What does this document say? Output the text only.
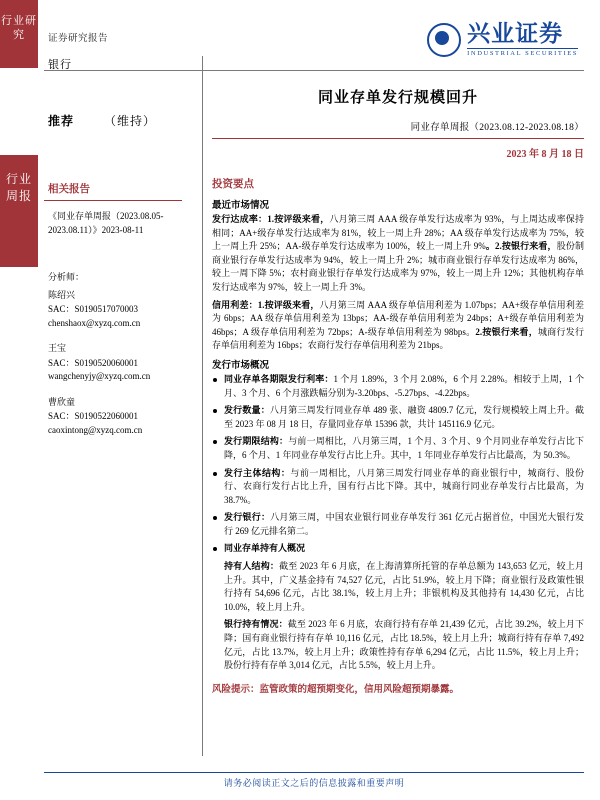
行业研究
行业周报
证券研究报告	兴业证券
INDUSTRIAL SECURITIES
银行
推荐	（维持）
相关报告
《同业存单周报（2023.08.05-2023.08.11）》2023-08-11
分析师：
陈绍兴
SAC：S0190517070003
chenshaox@xyzq.com.cn
王宝
SAC：S0190520060001
wangchenyjy@xyzq.com.cn
曹欣童
SAC：S0190522060001
caoxintong@xyzq.com.cn
同业存单发行规模回升
同业存单周报（2023.08.12-2023.08.18）
2023 年 8 月 18 日
投资要点
最近市场情况

发行达成率：1.按评级来看，八月第三周 AAA 级存单发行达成率为 93%，与上周达成率保持相同；AA+级存单发行达成率为 81%，较上一周上升 28%；AA 级存单发行达成率为 75%，较上一周上升 25%；AA-级存单发行达成率为 100%，较上一周上升 9%。2.按银行来看，股份制商业银行存单发行达成率为 94%，较上一周上升 2%；城市商业银行存单发行达成率为 86%，较上一周下降 5%；农村商业银行存单发行达成率为 97%，较上一周上升 12%；其他机构存单发行达成率为 97%，较上一周上升 3%。

信用利差：1.按评级来看，八月第三周 AAA 级存单信用利差为 1.07bps；AA+级存单信用利差为 6bps；AA 级存单信用利差为 13bps；AA-级存单信用利差为 24bps；A+级存单信用利差为 46bps；A 级存单信用利差为 72bps；A-级存单信用利差为 98bps。2.按银行来看，城商行发行存单信用利差为 16bps；农商行发行存单信用利差为 21bps。

发行市场概况
同业存单各期限发行利率：1 个月 1.89%，3 个月 2.08%，6 个月 2.28%。相较于上周，1 个月、3 个月、6 个月涨跌幅分别为-3.20bps、-5.27bps、-4.22bps。
发行数量：八月第三周发行同业存单 489 张、融资 4809.7 亿元，发行规模较上周上升。截至 2023 年 08 月 18 日，存量同业存单 15396 款，共计 145116.9 亿元。
发行期限结构：与前一周相比，八月第三周，1 个月、3 个月、9 个月同业存单发行占比下降，6 个月、1 年同业存单发行占比上升。其中，1 年同业存单发行占比最高，为 50.3%。
发行主体结构：与前一周相比，八月第三周发行同业存单的商业银行中，城商行、股份行、农商行发行占比上升，国有行占比下降。其中，城商行同业存单发行占比最高，为 38.7%。
发行银行：八月第三周，中国农业银行同业存单发行 361 亿元占据首位，中国光大银行发行 269 亿元排名第二。
同业存单持有人概况

持有人结构：截至 2023 年 6 月底，在上海清算所托管的存单总额为 143,653 亿元，较上月上升。其中，广义基金持有 74,527 亿元，占比 51.9%，较上月下降；商业银行及政策性银行持有 54,696 亿元，占比 38.1%，较上月上升；非银机构及其他持有 14,430 亿元，占比 10.0%，较上月上升。

银行持有情况：截至 2023 年 6 月底，农商行持有存单 21,439 亿元，占比 39.2%，较上月下降；国有商业银行持有存单 10,116 亿元，占比 18.5%，较上月上升；城商行持有存单 7,492 亿元，占比 13.7%，较上月上升；政策性持有存单 6,294 亿元，占比 11.5%，较上月上升；股份行持有存单 3,014 亿元，占比 5.5%，较上月上升。

风险提示：监管政策的超预期变化，信用风险超预期暴露。
请务必阅读正文之后的信息披露和重要声明
